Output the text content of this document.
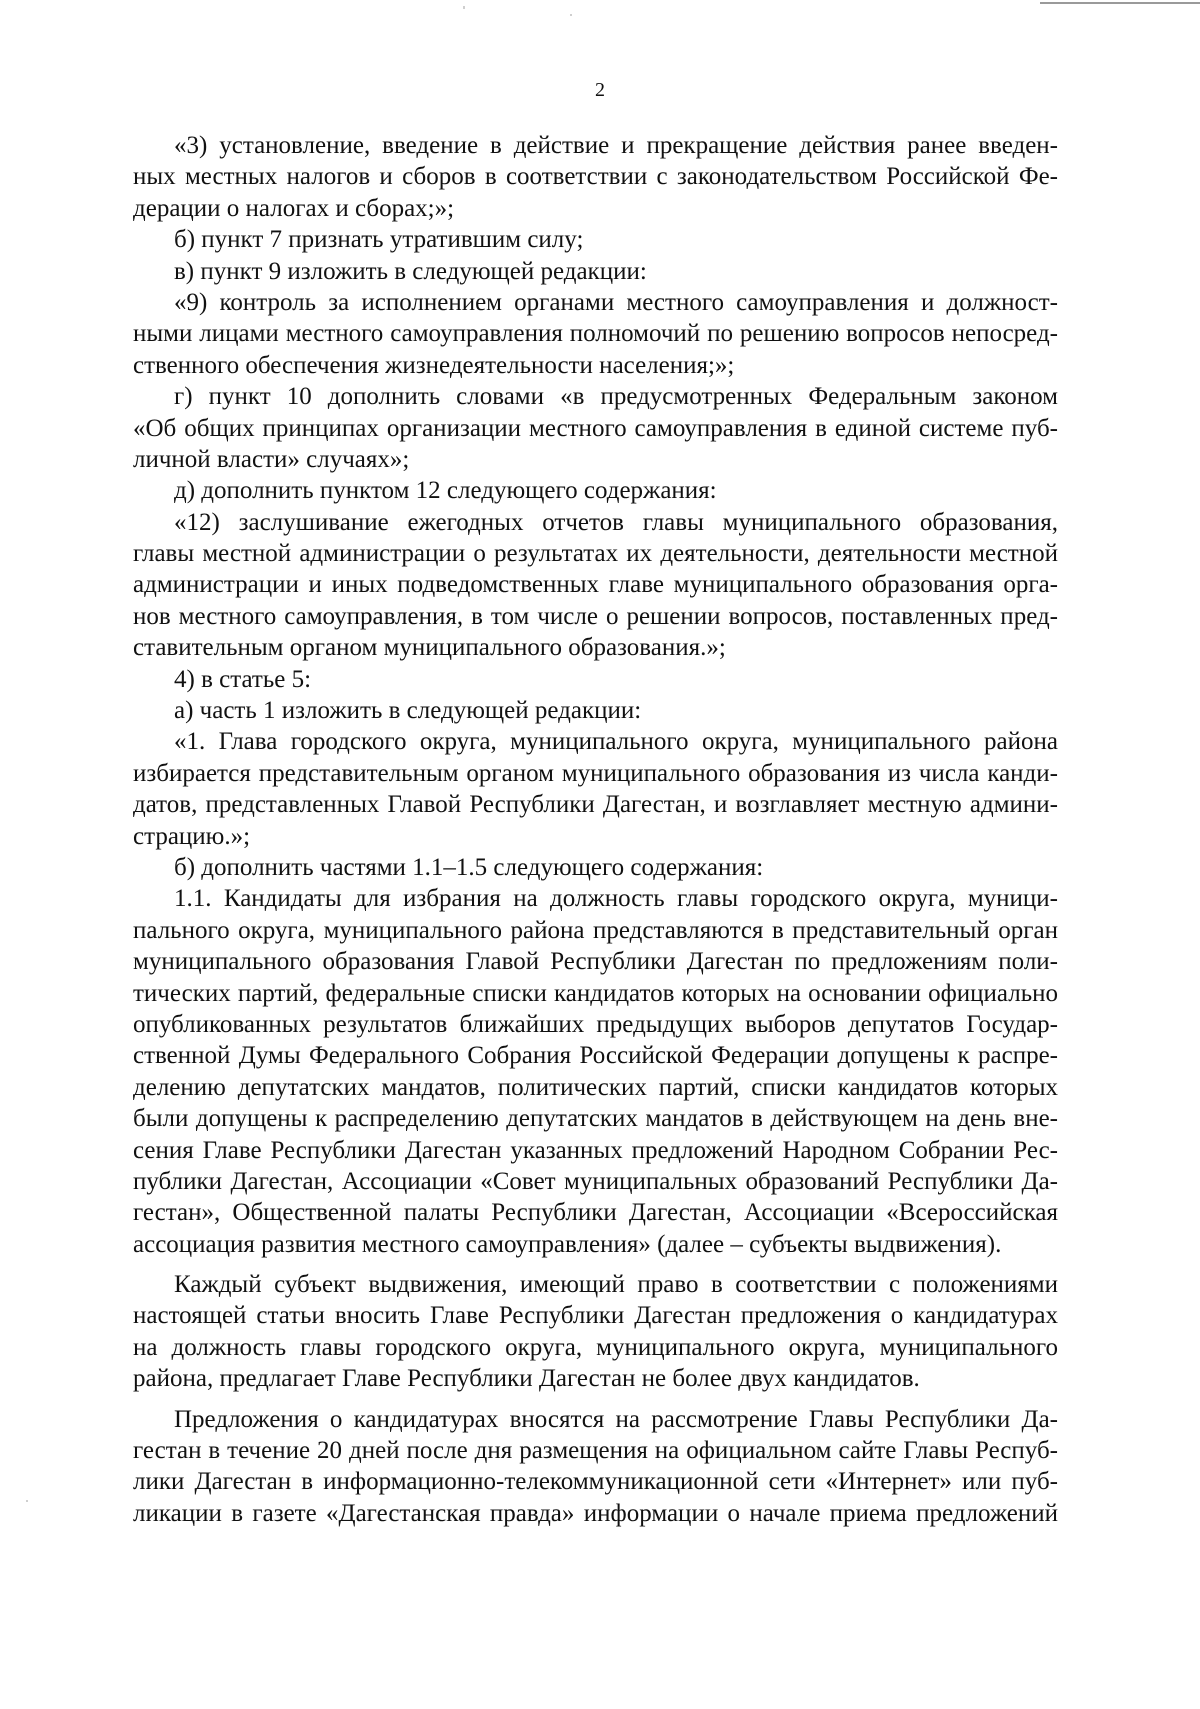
2
«3) установление, введение в действие и прекращение действия ранее введен-
ных местных налогов и сборов в соответствии с законодательством Российской Фе-
дерации о налогах и сборах;»;
б) пункт 7 признать утратившим силу;
в) пункт 9 изложить в следующей редакции:
«9) контроль за исполнением органами местного самоуправления и должност-
ными лицами местного самоуправления полномочий по решению вопросов непосред-
ственного обеспечения жизнедеятельности населения;»;
г) пункт 10 дополнить словами «в предусмотренных Федеральным законом
«Об общих принципах организации местного самоуправления в единой системе пуб-
личной власти» случаях»;
д) дополнить пунктом 12 следующего содержания:
«12) заслушивание ежегодных отчетов главы муниципального образования,
главы местной администрации о результатах их деятельности, деятельности местной
администрации и иных подведомственных главе муниципального образования орга-
нов местного самоуправления, в том числе о решении вопросов, поставленных пред-
ставительным органом муниципального образования.»;
4) в статье 5:
а) часть 1 изложить в следующей редакции:
«1. Глава городского округа, муниципального округа, муниципального района
избирается представительным органом муниципального образования из числа канди-
датов, представленных Главой Республики Дагестан, и возглавляет местную админи-
страцию.»;
б) дополнить частями 1.1–1.5 следующего содержания:
1.1. Кандидаты для избрания на должность главы городского округа, муници-
пального округа, муниципального района представляются в представительный орган
муниципального образования Главой Республики Дагестан по предложениям поли-
тических партий, федеральные списки кандидатов которых на основании официально
опубликованных результатов ближайших предыдущих выборов депутатов Государ-
ственной Думы Федерального Собрания Российской Федерации допущены к распре-
делению депутатских мандатов, политических партий, списки кандидатов которых
были допущены к распределению депутатских мандатов в действующем на день вне-
сения Главе Республики Дагестан указанных предложений Народном Собрании Рес-
публики Дагестан, Ассоциации «Совет муниципальных образований Республики Да-
гестан», Общественной палаты Республики Дагестан, Ассоциации «Всероссийская
ассоциация развития местного самоуправления» (далее – субъекты выдвижения).
Каждый субъект выдвижения, имеющий право в соответствии с положениями
настоящей статьи вносить Главе Республики Дагестан предложения о кандидатурах
на должность главы городского округа, муниципального округа, муниципального
района, предлагает Главе Республики Дагестан не более двух кандидатов.
Предложения о кандидатурах вносятся на рассмотрение Главы Республики Да-
гестан в течение 20 дней после дня размещения на официальном сайте Главы Респуб-
лики Дагестан в информационно-телекоммуникационной сети «Интернет» или пуб-
ликации в газете «Дагестанская правда» информации о начале приема предложений
